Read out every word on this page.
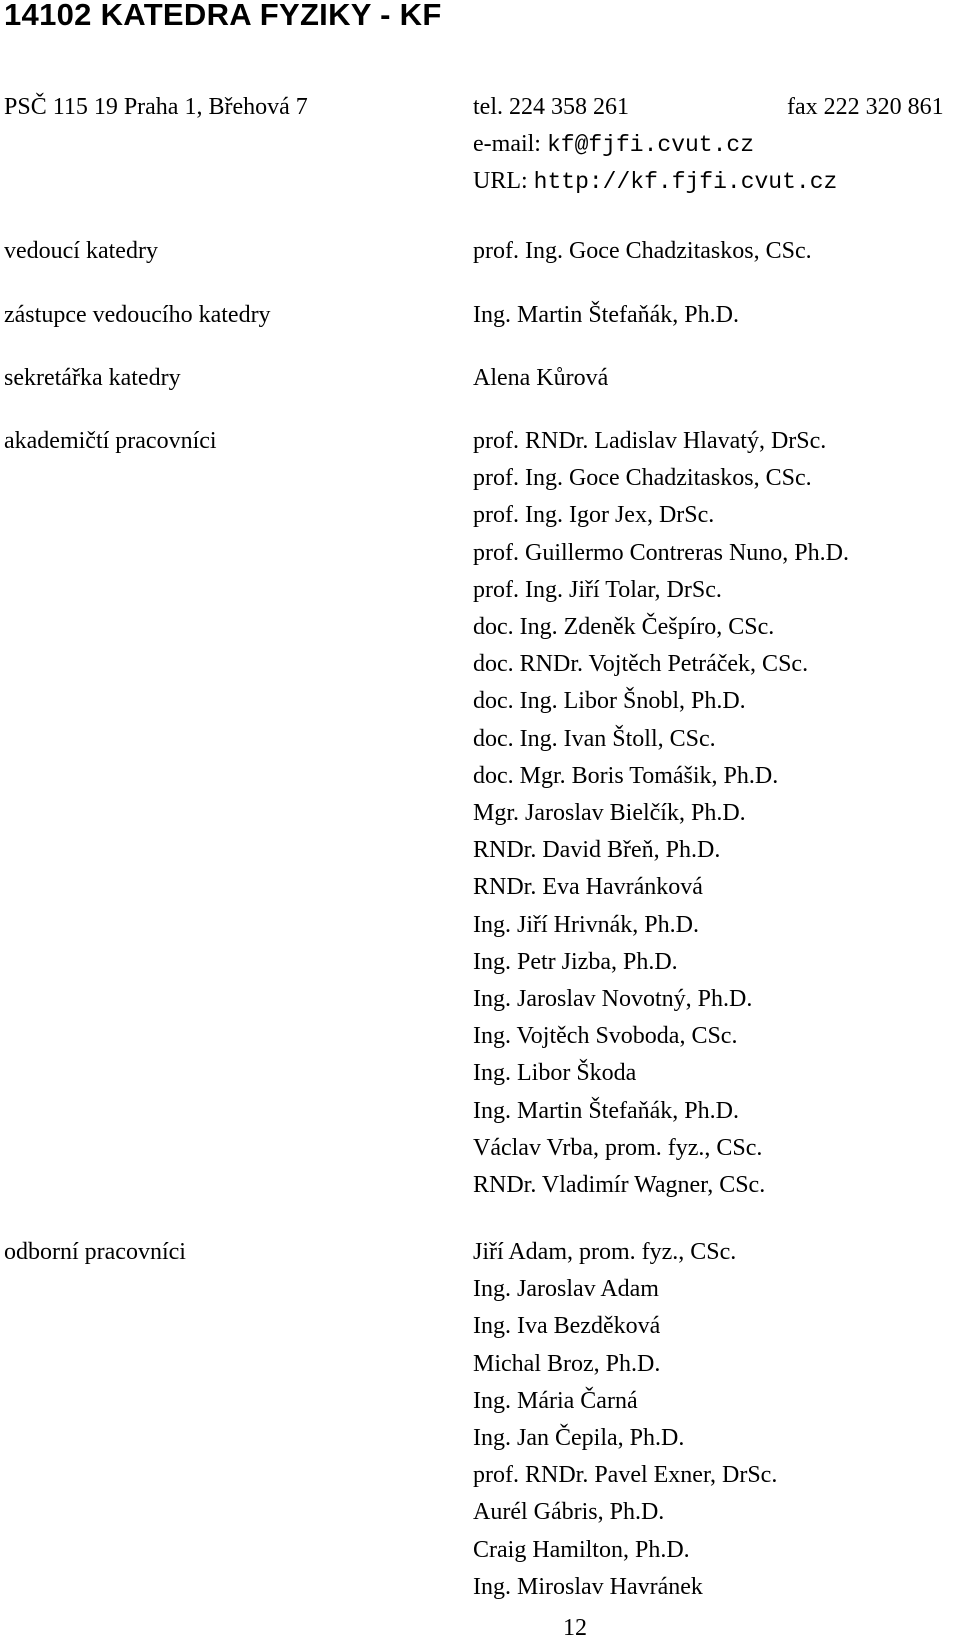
14102 KATEDRA FYZIKY - KF
PSČ 115 19 Praha 1, Břehová 7	tel. 224 358 261	fax 222 320 861
e-mail: kf@fjfi.cvut.cz
URL: http://kf.fjfi.cvut.cz
vedoucí katedry	prof. Ing. Goce Chadzitaskos, CSc.
zástupce vedoucího katedry	Ing. Martin Štefaňák, Ph.D.
sekretářka katedry	Alena Kůrová
akademičtí pracovníci	prof. RNDr. Ladislav Hlavatý, DrSc.
prof. Ing. Goce Chadzitaskos, CSc.
prof. Ing. Igor Jex, DrSc.
prof. Guillermo Contreras Nuno, Ph.D.
prof. Ing. Jiří Tolar, DrSc.
doc. Ing. Zdeněk Češpíro, CSc.
doc. RNDr. Vojtěch Petráček, CSc.
doc. Ing. Libor Šnobl, Ph.D.
doc. Ing. Ivan Štoll, CSc.
doc. Mgr. Boris Tomášik, Ph.D.
Mgr. Jaroslav Bielčík, Ph.D.
RNDr. David Břeň, Ph.D.
RNDr. Eva Havránková
Ing. Jiří Hrivnák, Ph.D.
Ing. Petr Jizba, Ph.D.
Ing. Jaroslav Novotný, Ph.D.
Ing. Vojtěch Svoboda, CSc.
Ing. Libor Škoda
Ing. Martin Štefaňák, Ph.D.
Václav Vrba, prom. fyz., CSc.
RNDr. Vladimír Wagner, CSc.
odborní pracovníci	Jiří Adam, prom. fyz., CSc.
Ing. Jaroslav Adam
Ing. Iva Bezděková
Michal Broz, Ph.D.
Ing. Mária Čarná
Ing. Jan Čepila, Ph.D.
prof. RNDr. Pavel Exner, DrSc.
Aurél Gábris, Ph.D.
Craig Hamilton, Ph.D.
Ing. Miroslav Havránek
12
